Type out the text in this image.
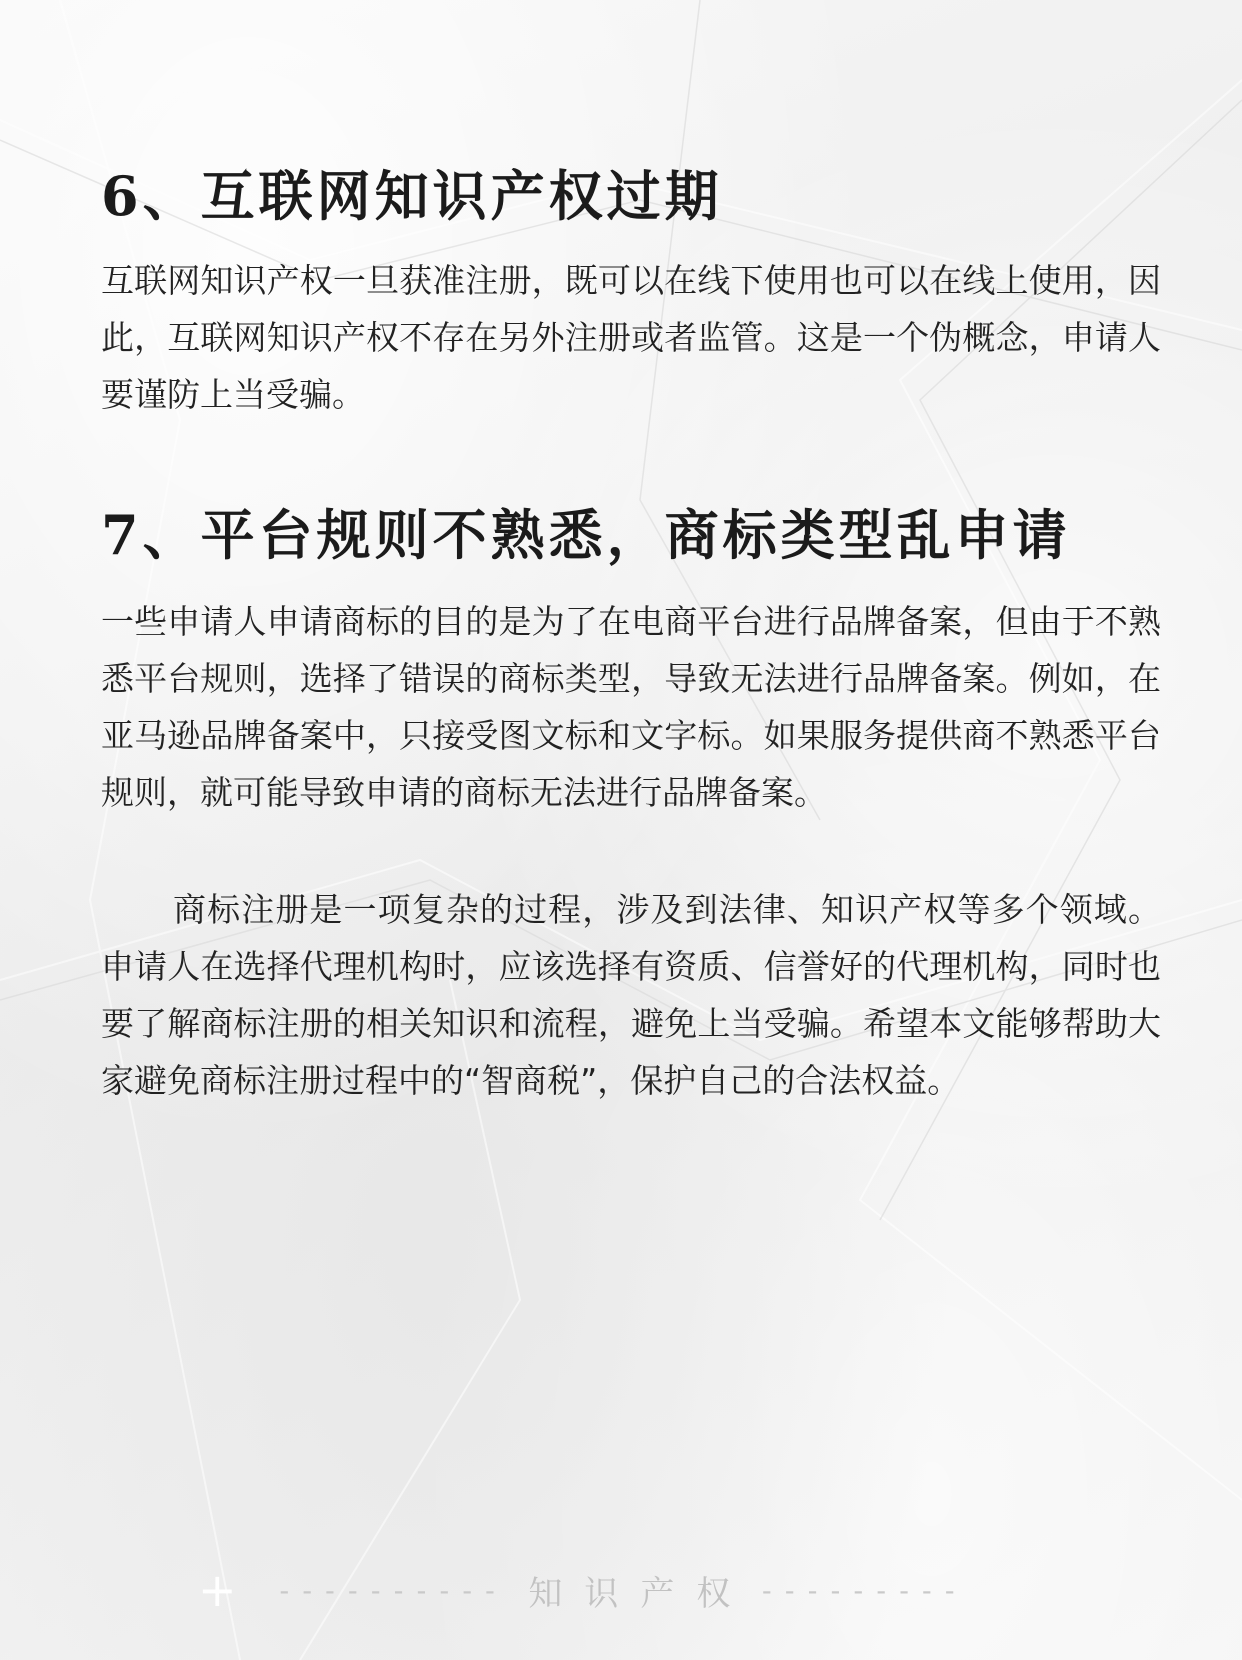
6、互联网知识产权过期

互联网知识产权一旦获准注册，既可以在线下使用也可以在线上使用，因此，互联网知识产权不存在另外注册或者监管。这是一个伪概念，申请人要谨防上当受骗。

7、平台规则不熟悉，商标类型乱申请

一些申请人申请商标的目的是为了在电商平台进行品牌备案，但由于不熟悉平台规则，选择了错误的商标类型，导致无法进行品牌备案。例如，在亚马逊品牌备案中，只接受图文标和文字标。如果服务提供商不熟悉平台规则，就可能导致申请的商标无法进行品牌备案。

商标注册是一项复杂的过程，涉及到法律、知识产权等多个领域。申请人在选择代理机构时，应该选择有资质、信誉好的代理机构，同时也要了解商标注册的相关知识和流程，避免上当受骗。希望本文能够帮助大家避免商标注册过程中的“智商税”，保护自己的合法权益。

+ ---------- 知识产权 ---------
